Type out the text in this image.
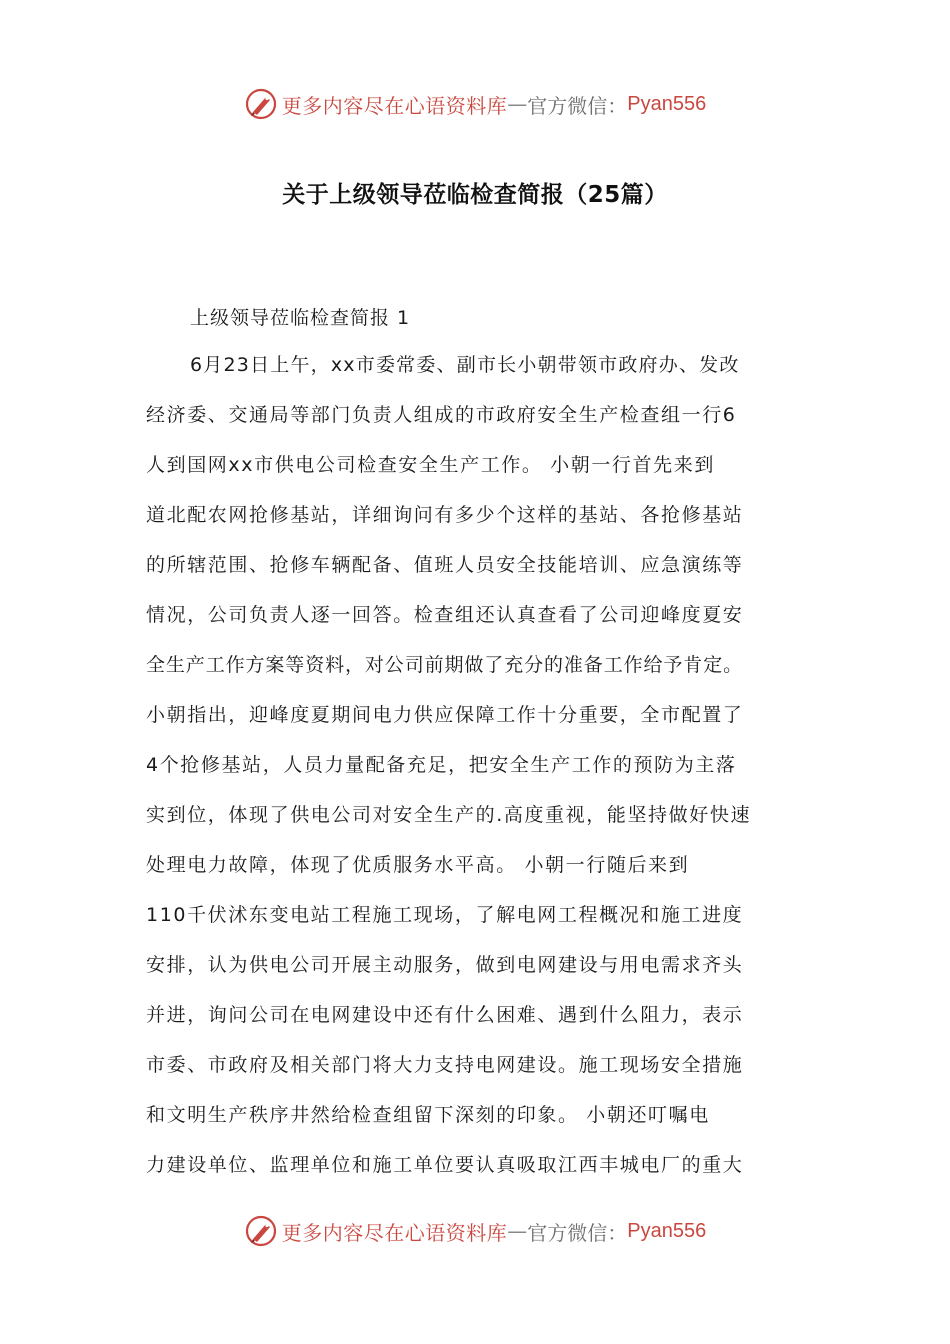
更多内容尽在心语资料库 — 官方微信： Pyan556
关于上级领导莅临检查简报（25篇）

上级领导莅临检查简报 1

6月23日上午，xx市委常委、副市长小朝带领市政府办、发改
经济委、交通局等部门负责人组成的市政府安全生产检查组一行6
人到国网xx市供电公司检查安全生产工作。 小朝一行首先来到
道北配农网抢修基站，详细询问有多少个这样的基站、各抢修基站
的所辖范围、抢修车辆配备、值班人员安全技能培训、应急演练等
情况，公司负责人逐一回答。检查组还认真查看了公司迎峰度夏安
全生产工作方案等资料，对公司前期做了充分的准备工作给予肯定。
小朝指出，迎峰度夏期间电力供应保障工作十分重要，全市配置了
4个抢修基站，人员力量配备充足，把安全生产工作的预防为主落
实到位，体现了供电公司对安全生产的.高度重视，能坚持做好快速
处理电力故障，体现了优质服务水平高。 小朝一行随后来到
110千伏沭东变电站工程施工现场，了解电网工程概况和施工进度
安排，认为供电公司开展主动服务，做到电网建设与用电需求齐头
并进，询问公司在电网建设中还有什么困难、遇到什么阻力，表示
市委、市政府及相关部门将大力支持电网建设。施工现场安全措施
和文明生产秩序井然给检查组留下深刻的印象。 小朝还叮嘱电
力建设单位、监理单位和施工单位要认真吸取江西丰城电厂的重大
更多内容尽在心语资料库 — 官方微信： Pyan556
